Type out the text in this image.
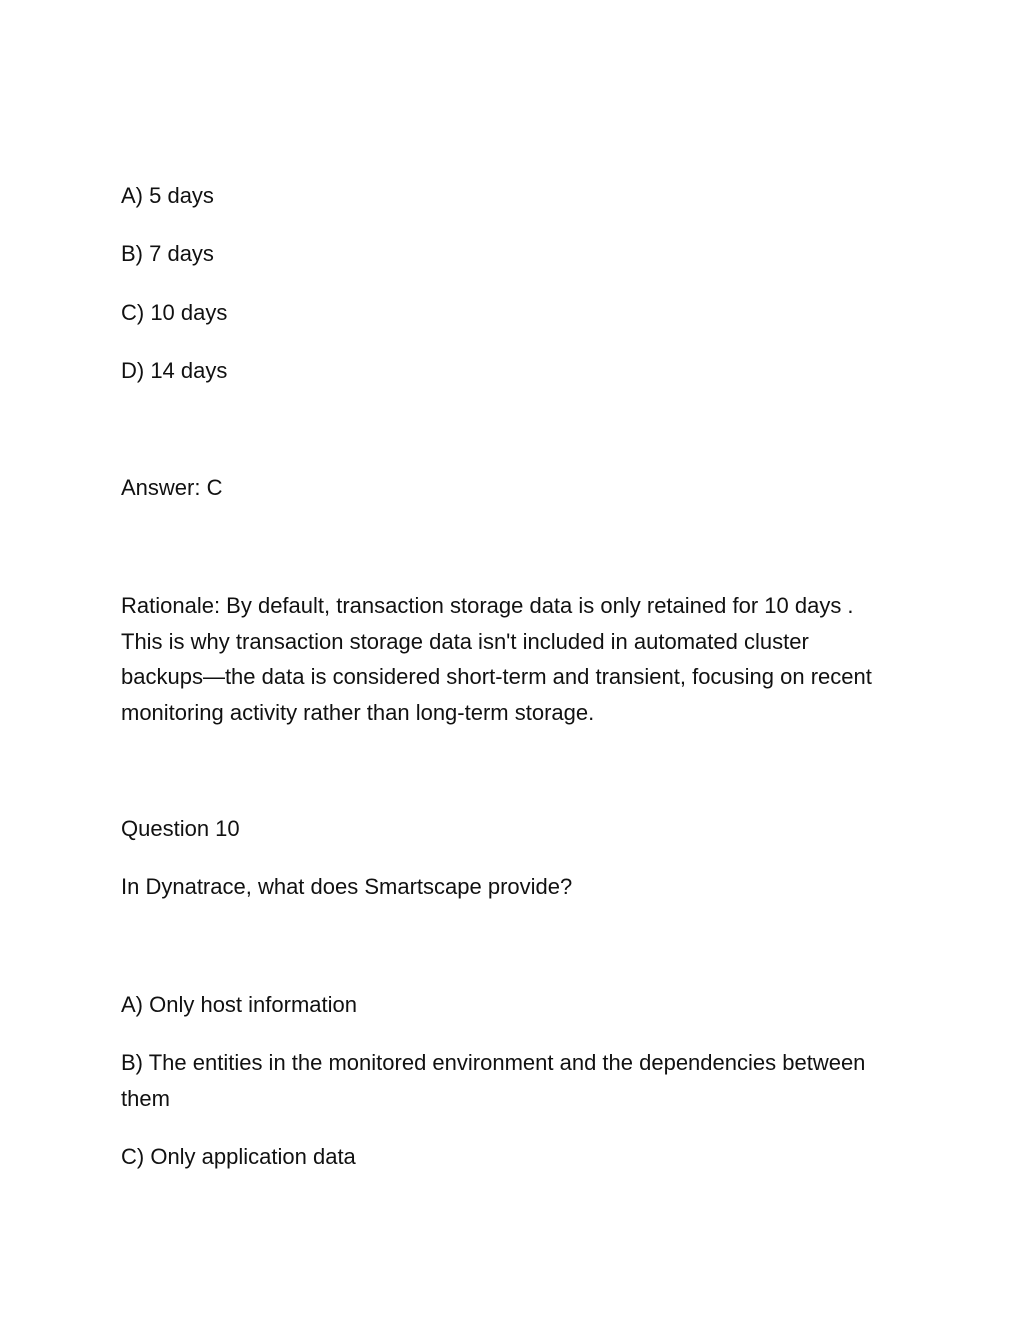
A) 5 days
B) 7 days
C) 10 days
D) 14 days
Answer: C
Rationale: By default, transaction storage data is only retained for 10 days . This is why transaction storage data isn't included in automated cluster backups—the data is considered short-term and transient, focusing on recent monitoring activity rather than long-term storage.
Question 10
In Dynatrace, what does Smartscape provide?
A) Only host information
B) The entities in the monitored environment and the dependencies between them
C) Only application data
